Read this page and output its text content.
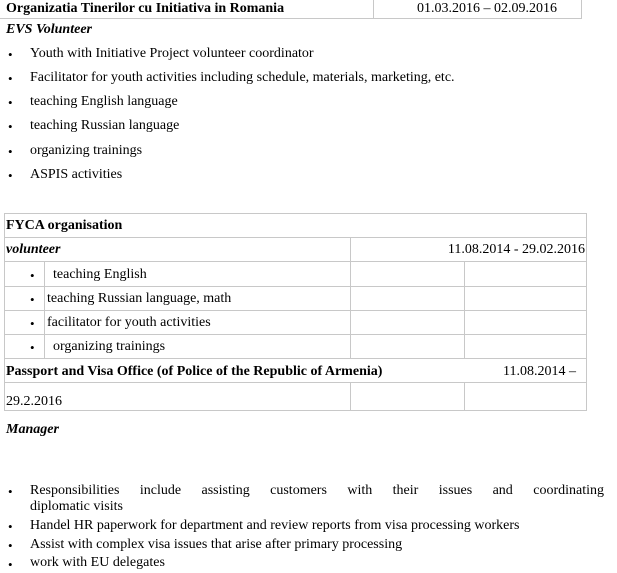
Organizatia Tinerilor cu Initiativa in Romania	01.03.2016 – 02.09.2016
EVS Volunteer
• Youth with Initiative Project volunteer coordinator
• Facilitator for youth activities including schedule, materials, marketing, etc.
• teaching English language
• teaching Russian language
• organizing trainings
• ASPIS activities
FYCA organisation
volunteer	11.08.2014 - 29.02.2016
• teaching English
• teaching Russian language, math
• facilitator for youth activities
• organizing trainings
Passport and Visa Office (of Police of the Republic of Armenia)	11.08.2014 –
29.2.2016
Manager
• Responsibilities include assisting customers with their issues and coordinating
diplomatic visits
• Handel HR paperwork for department and review reports from visa processing workers
• Assist with complex visa issues that arise after primary processing
• work with EU delegates
